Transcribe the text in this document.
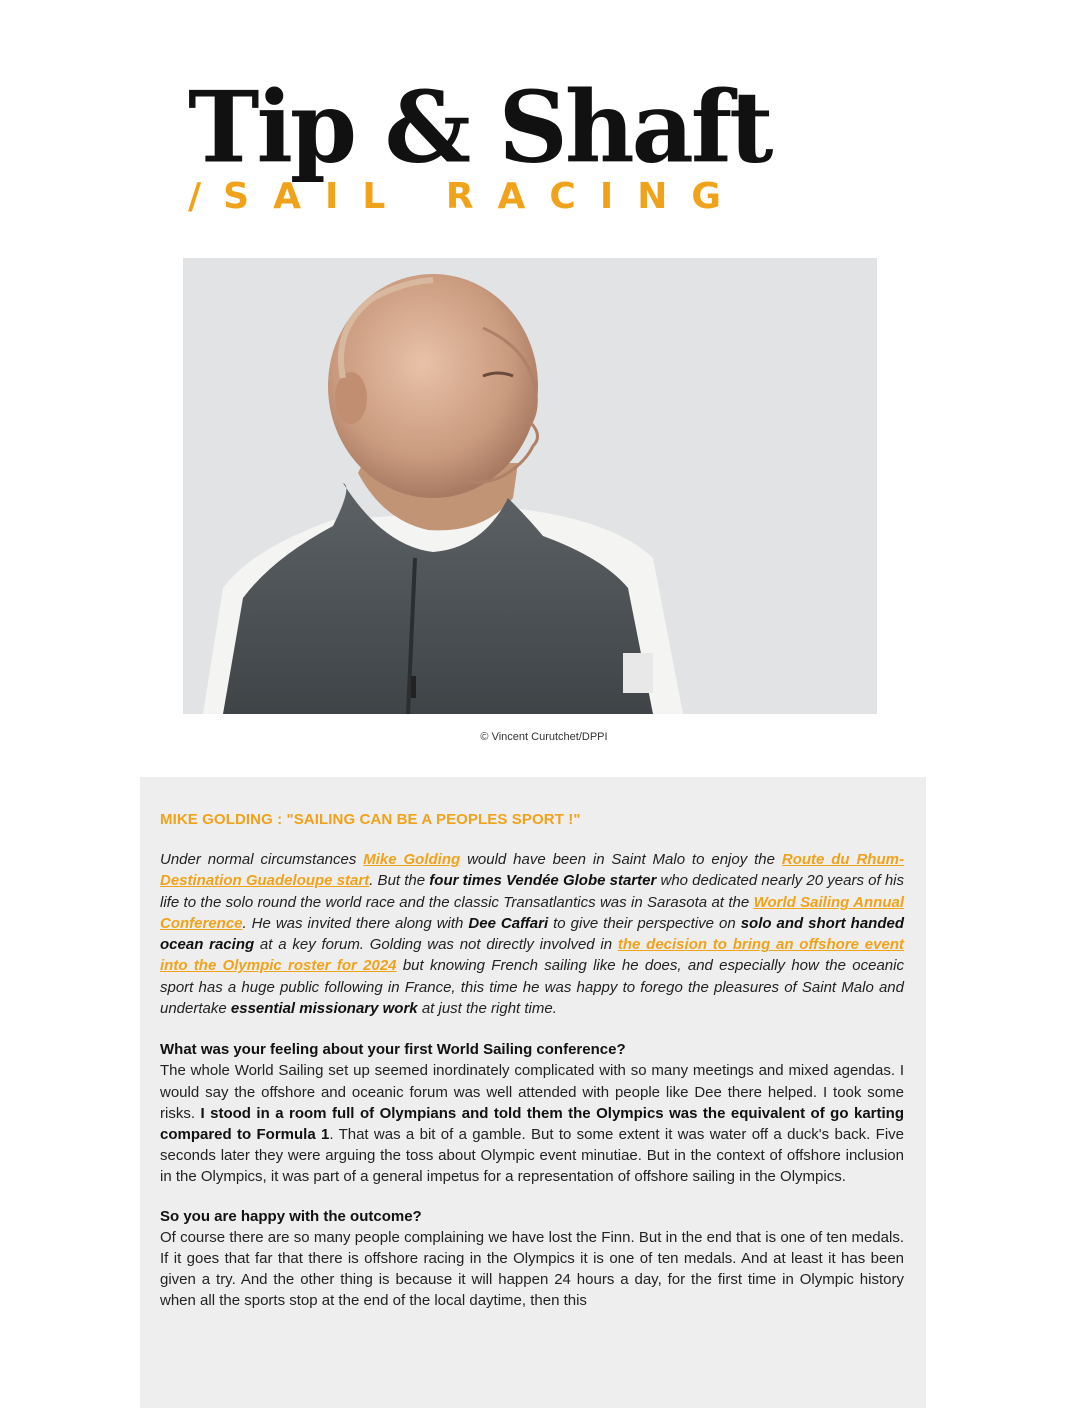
Tip & Shaft
/ SAIL RACING
© Vincent Curutchet/DPPI

MIKE GOLDING : "SAILING CAN BE A PEOPLES SPORT !"

Under normal circumstances Mike Golding would have been in Saint Malo to enjoy the Route du Rhum-Destination Guadeloupe start. But the four times Vendée Globe starter who dedicated nearly 20 years of his life to the solo round the world race and the classic Transatlantics was in Sarasota at the World Sailing Annual Conference. He was invited there along with Dee Caffari to give their perspective on solo and short handed ocean racing at a key forum. Golding was not directly involved in the decision to bring an offshore event into the Olympic roster for 2024 but knowing French sailing like he does, and especially how the oceanic sport has a huge public following in France, this time he was happy to forego the pleasures of Saint Malo and undertake essential missionary work at just the right time.

What was your feeling about your first World Sailing conference?

The whole World Sailing set up seemed inordinately complicated with so many meetings and mixed agendas. I would say the offshore and oceanic forum was well attended with people like Dee there helped. I took some risks. I stood in a room full of Olympians and told them the Olympics was the equivalent of go karting compared to Formula 1. That was a bit of a gamble. But to some extent it was water off a duck's back. Five seconds later they were arguing the toss about Olympic event minutiae. But in the context of offshore inclusion in the Olympics, it was part of a general impetus for a representation of offshore sailing in the Olympics.

So you are happy with the outcome?

Of course there are so many people complaining we have lost the Finn. But in the end that is one of ten medals. If it goes that far that there is offshore racing in the Olympics it is one of ten medals. And at least it has been given a try. And the other thing is because it will happen 24 hours a day, for the first time in Olympic history when all the sports stop at the end of the local daytime, then this
